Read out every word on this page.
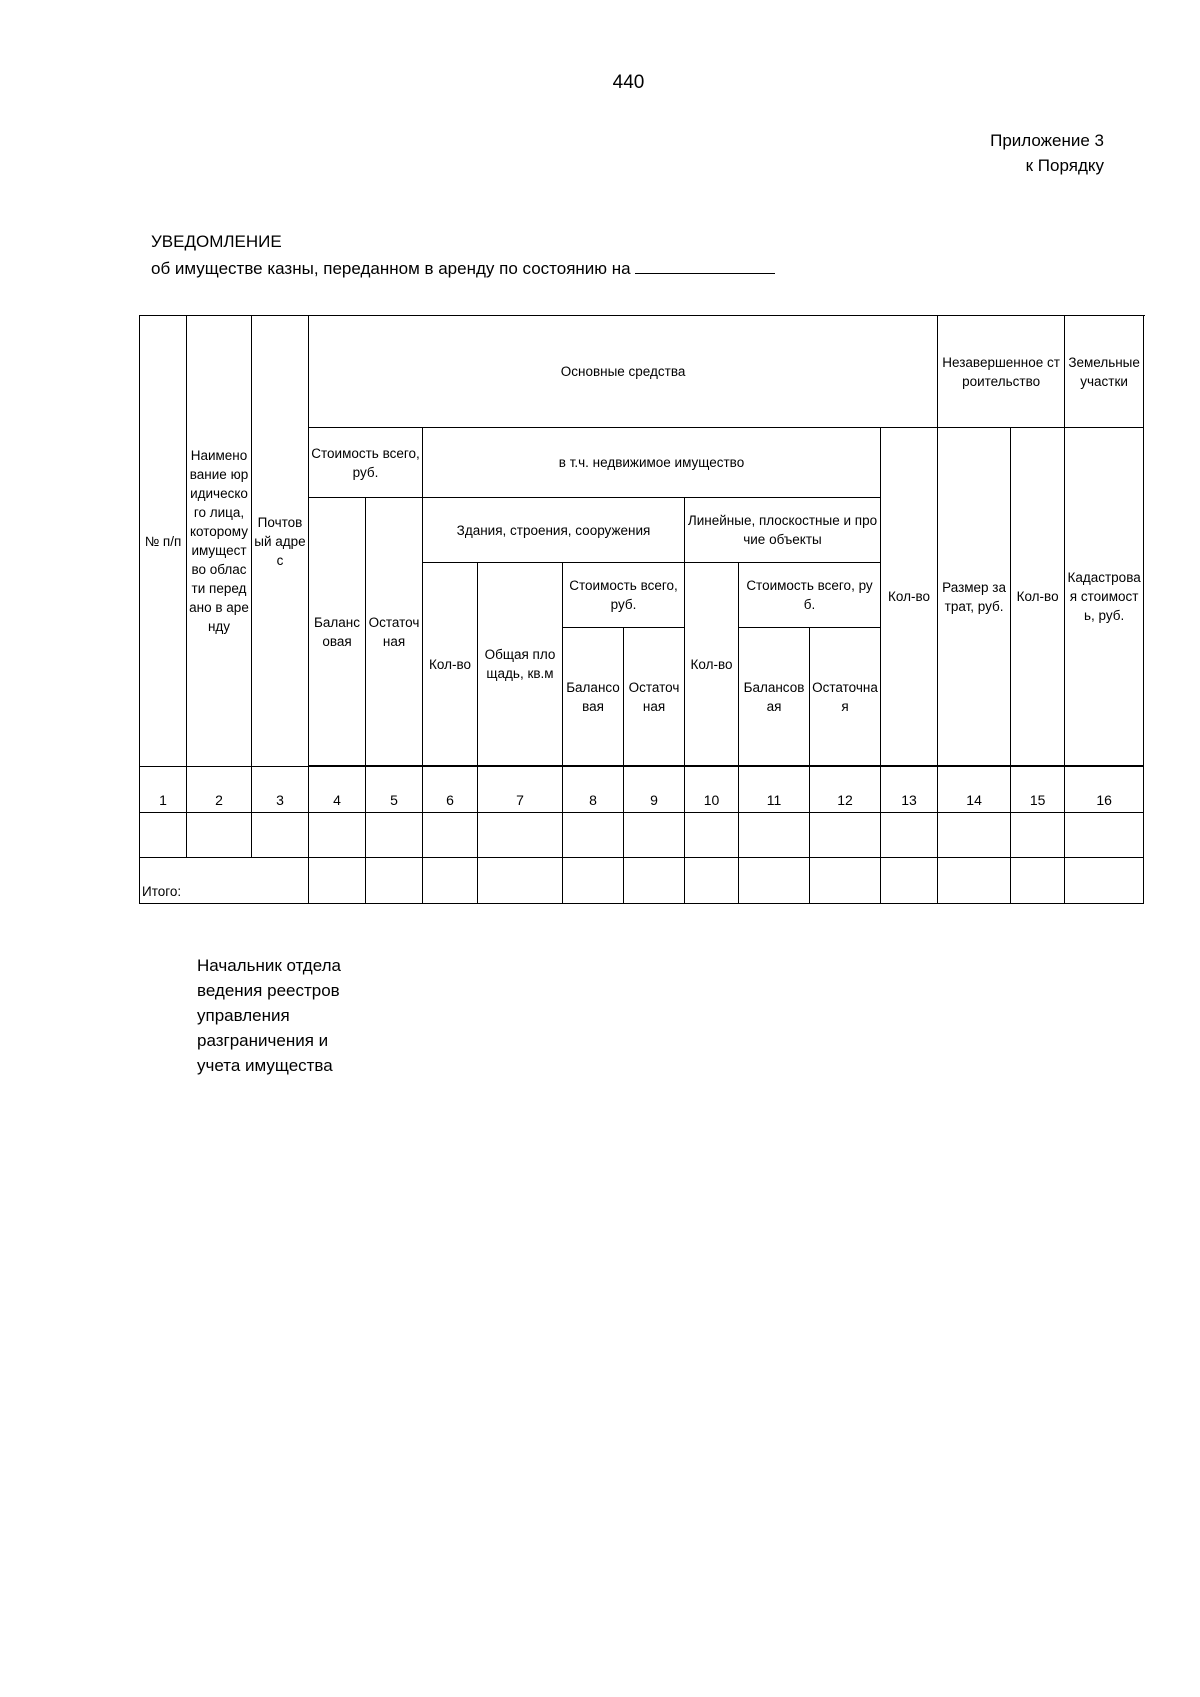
440
Приложение 3
к Порядку
УВЕДОМЛЕНИЕ
об имуществе казны, переданном в аренду по состоянию на
№ п/п	Наименование юридического лица, которому имущество области передано в аренду	Почтовый адрес	Основные средства										Незавершенное строительство		Земельные участки
			Стоимость всего, руб.		в т.ч. недвижимое имущество							Кол-во	Размер затрат, руб.	Кол-во	Кадастровая стоимость, руб.
			Балансовая	Остаточная	Здания, строения, сооружения				Линейные, плоскостные и прочие объекты						
					Кол-во	Общая площадь, кв.м	Стоимость всего, руб.		Кол-во	Стоимость всего, руб.					
							Балансовая	Остаточная		Балансовая	Остаточная				

1	2	3	4	5	6	7	8	9	10	11	12	13	14	15	16

Итого:															
Начальник отдела
ведения реестров
управления
разграничения и
учета имущества
